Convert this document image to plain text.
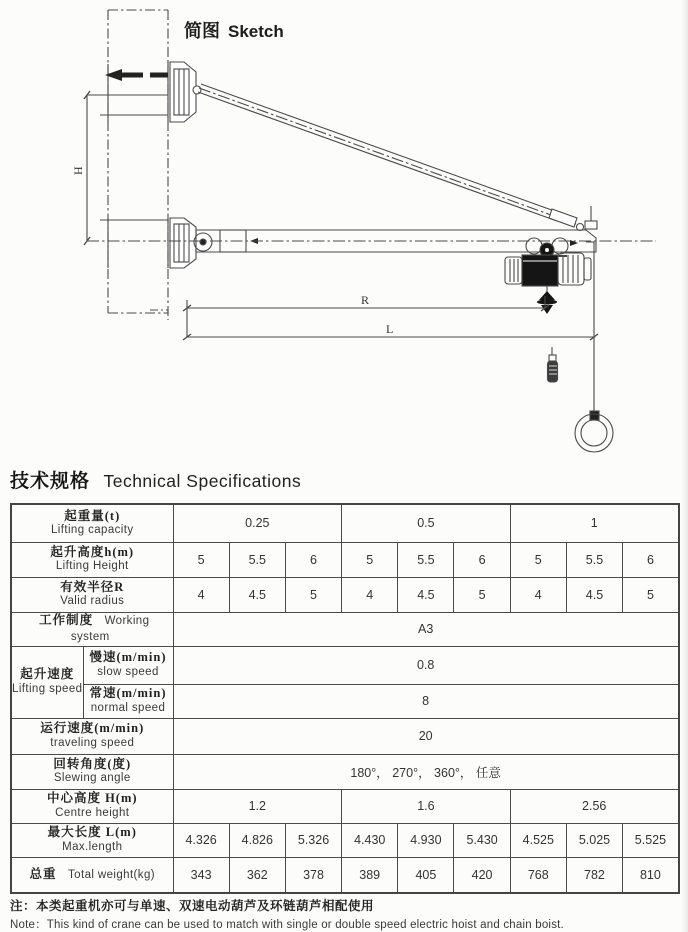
简图 Sketch
R
L
H
技术规格 Technical Specifications
起重量(t)
Lifting capacity		0.25			0.5			1		

起升高度h(m)
Lifting Height		5	5.5	6	5	5.5	6	5	5.5	6

有效半径R
Valid radius		4	4.5	5	4	4.5	5	4	4.5	5
工作制度 Working system		A3								

起升速度
Lifting speed	慢速(m/min)
slow speed	0.8								

	常速(m/min)
normal speed	8								

运行速度(m/min)
traveling speed		20								

回转角度(度)
Slewing angle		180°， 270°， 360°， 任意								

中心高度 H(m)
Centre height		1.2			1.6			2.56		

最大长度 L(m)
Max.length		4.326	4.826	5.326	4.430	4.930	5.430	4.525	5.025	5.525
总重 Total weight(kg)		343	362	378	389	405	420	768	782	810
注：本类起重机亦可与单速、双速电动葫芦及环链葫芦相配使用
Note：This kind of crane can be used to match with single or double speed electric hoist and chain boist.
